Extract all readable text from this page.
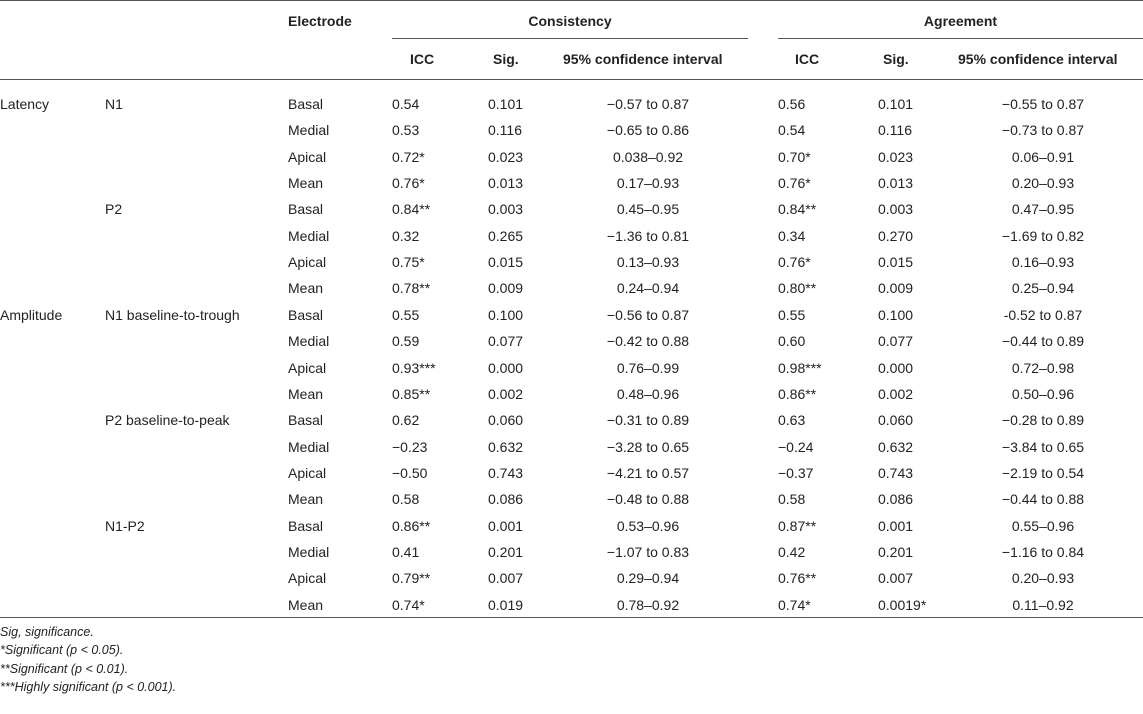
Electrode	Consistency	Agreement
ICC	Sig.	95% confidence interval	ICC	Sig.	95% confidence interval
Latency	N1	Basal	0.54	0.101	−0.57 to 0.87	0.56	0.101	−0.55 to 0.87
Medial	0.53	0.116	−0.65 to 0.86	0.54	0.116	−0.73 to 0.87
Apical	0.72*	0.023	0.038–0.92	0.70*	0.023	0.06–0.91
Mean	0.76*	0.013	0.17–0.93	0.76*	0.013	0.20–0.93
P2	Basal	0.84**	0.003	0.45–0.95	0.84**	0.003	0.47–0.95
Medial	0.32	0.265	−1.36 to 0.81	0.34	0.270	−1.69 to 0.82
Apical	0.75*	0.015	0.13–0.93	0.76*	0.015	0.16–0.93
Mean	0.78**	0.009	0.24–0.94	0.80**	0.009	0.25–0.94
Amplitude	N1 baseline-to-trough	Basal	0.55	0.100	−0.56 to 0.87	0.55	0.100	-0.52 to 0.87
Medial	0.59	0.077	−0.42 to 0.88	0.60	0.077	−0.44 to 0.89
Apical	0.93***	0.000	0.76–0.99	0.98***	0.000	0.72–0.98
Mean	0.85**	0.002	0.48–0.96	0.86**	0.002	0.50–0.96
P2 baseline-to-peak	Basal	0.62	0.060	−0.31 to 0.89	0.63	0.060	−0.28 to 0.89
Medial	−0.23	0.632	−3.28 to 0.65	−0.24	0.632	−3.84 to 0.65
Apical	−0.50	0.743	−4.21 to 0.57	−0.37	0.743	−2.19 to 0.54
Mean	0.58	0.086	−0.48 to 0.88	0.58	0.086	−0.44 to 0.88
N1-P2	Basal	0.86**	0.001	0.53–0.96	0.87**	0.001	0.55–0.96
Medial	0.41	0.201	−1.07 to 0.83	0.42	0.201	−1.16 to 0.84
Apical	0.79**	0.007	0.29–0.94	0.76**	0.007	0.20–0.93
Mean	0.74*	0.019	0.78–0.92	0.74*	0.0019*	0.11–0.92
Sig, significance.
*Significant (p < 0.05).
**Significant (p < 0.01).
***Highly significant (p < 0.001).
